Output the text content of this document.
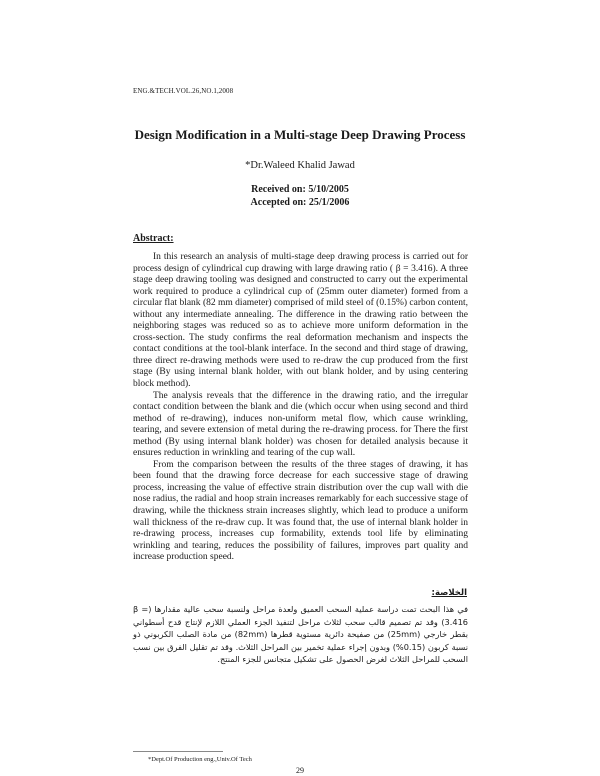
ENG.&TECH.VOL.26,NO.1,2008
Design Modification in a Multi-stage Deep Drawing Process
*Dr.Waleed Khalid Jawad
Received on: 5/10/2005
Accepted on: 25/1/2006
Abstract:

In this research an analysis of multi-stage deep drawing process is carried out for process design of cylindrical cup drawing with large drawing ratio ( β = 3.416). A three stage deep drawing tooling was designed and constructed to carry out the experimental work required to produce a cylindrical cup of (25mm outer diameter) formed from a circular flat blank (82 mm diameter) comprised of mild steel of (0.15%) carbon content, without any intermediate annealing. The difference in the drawing ratio between the neighboring stages was reduced so as to achieve more uniform deformation in the cross-section. The study confirms the real deformation mechanism and inspects the contact conditions at the tool-blank interface. In the second and third stage of drawing, three direct re-drawing methods were used to re-draw the cup produced from the first stage (By using internal blank holder, with out blank holder, and by using centering block method).

The analysis reveals that the difference in the drawing ratio, and the irregular contact condition between the blank and die (which occur when using second and third method of re-drawing), induces non-uniform metal flow, which cause wrinkling, tearing, and severe extension of metal during the re-drawing process. for There the first method (By using internal blank holder) was chosen for detailed analysis because it ensures reduction in wrinkling and tearing of the cup wall.

From the comparison between the results of the three stages of drawing, it has been found that the drawing force decrease for each successive stage of drawing process, increasing the value of effective strain distribution over the cup wall with die nose radius, the radial and hoop strain increases remarkably for each successive stage of drawing, while the thickness strain increases slightly, which lead to produce a uniform wall thickness of the re-draw cup. It was found that, the use of internal blank holder in re-drawing process, increases cup formability, extends tool life by eliminating wrinkling and tearing, reduces the possibility of failures, improves part quality and increase production speed.

الخلاصة:

في هذا البحث تمت دراسة عملية السحب العميق ولعدة مراحل ولنسبة سحب عالية مقدارها (β = 3.416) وقد تم تصميم قالب سحب لثلاث مراحل لتنفيذ الجزء العملي اللازم لإنتاج قدح أسطواني بقطر خارجي (25mm) من صفيحة دائرية مستوية قطرها (82mm) من مادة الصلب الكربوني ذو نسبة كربون (0.15%) وبدون إجراء عملية تخمير بين المراحل الثلاث. وقد تم تقليل الفرق بين نسب السحب للمراحل الثلاث لغرض الحصول على تشكيل متجانس للجزء المنتج.

*Dept.Of Production eng.,Univ.Of Tech
29
